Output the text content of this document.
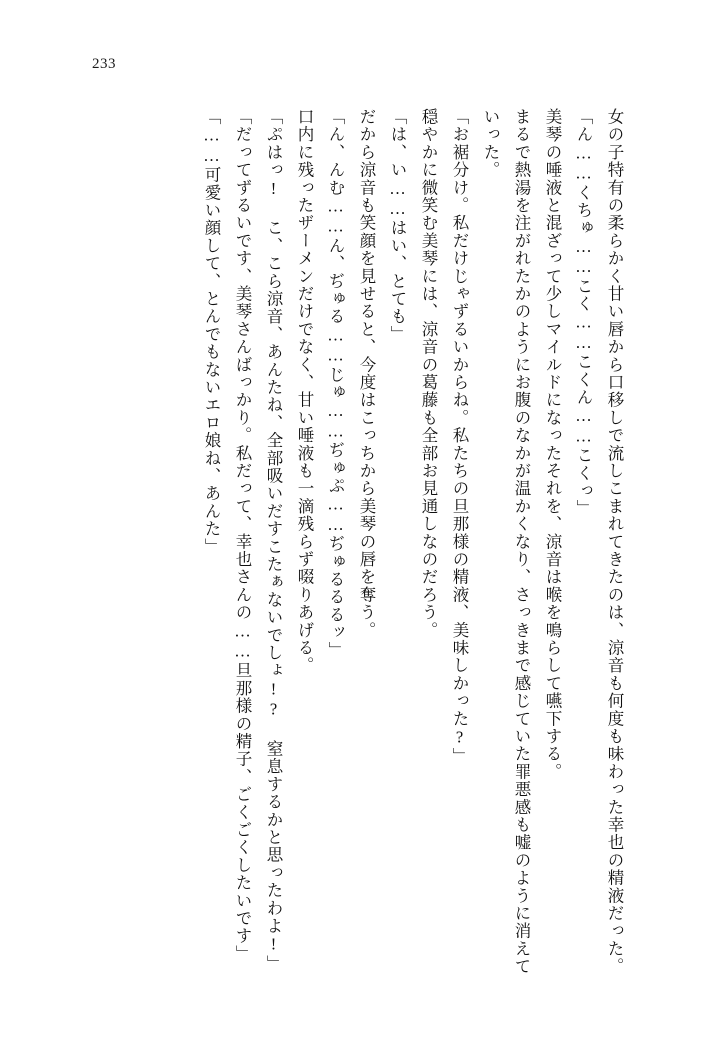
233

女の子特有の柔らかく甘い唇から口移しで流しこまれてきたのは、涼音も何度も味わった幸也の精液だった。

「ん……くちゅ……こく……こくん……こくっ」

美琴の唾液と混ざって少しマイルドになったそれを、涼音は喉を鳴らして嚥下する。

まるで熱湯を注がれたかのようにお腹のなかが温かくなり、さっきまで感じていた罪悪感も嘘のように消えていった。

「お裾分け。私だけじゃずるいからね。私たちの旦那様の精液、美味しかった?」

穏やかに微笑む美琴には、涼音の葛藤も全部お見通しなのだろう。

「は、い……はい、とても」

だから涼音も笑顔を見せると、今度はこっちから美琴の唇を奪う。

「ん、んむ……ん、ぢゅる……じゅ……ぢゅぷ……ぢゅるるるッ」

口内に残ったザーメンだけでなく、甘い唾液も一滴残らず啜りあげる。

「ぷはっ! こ、こら涼音、あんたね、全部吸いだすこたぁないでしょ!? 窒息するかと思ったわよ!」

「だってずるいです、美琴さんばっかり。私だって、幸也さんの……旦那様の精子、ごくごくしたいです」

「……可愛い顔して、とんでもないエロ娘ね、あんた」
